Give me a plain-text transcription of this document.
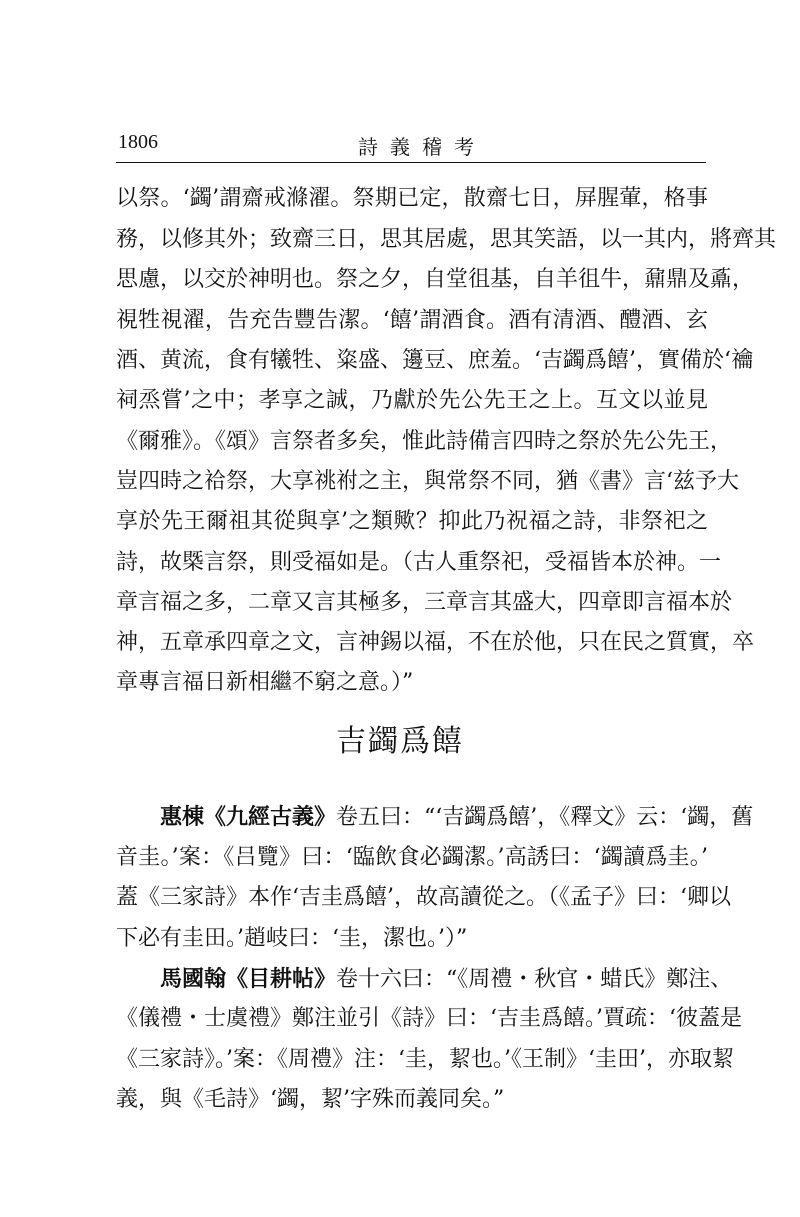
1806	詩義稽考
以祭。‘蠲’謂齋戒滌濯。祭期已定，散齋七日，屏腥葷，格事
務，以修其外；致齋三日，思其居處，思其笑語，以一其内，將齊其
思慮，以交於神明也。祭之夕，自堂徂基，自羊徂牛，鼐鼎及鼒，
視牲視濯，告充告豐告潔。‘饎’謂酒食。酒有清酒、醴酒、玄
酒、黄流，食有犧牲、粢盛、籩豆、庶羞。‘吉蠲爲饎’，實備於‘禴
祠烝嘗’之中；孝享之誠，乃獻於先公先王之上。互文以並見
《爾雅》。《頌》言祭者多矣，惟此詩備言四時之祭於先公先王，
豈四時之祫祭，大享祧祔之主，與常祭不同，猶《書》言‘兹予大
享於先王爾祖其從與享’之類歟？抑此乃祝福之詩，非祭祀之
詩，故槩言祭，則受福如是。（古人重祭祀，受福皆本於神。一
章言福之多，二章又言其極多，三章言其盛大，四章即言福本於
神，五章承四章之文，言神錫以福，不在於他，只在民之質實，卒
章專言福日新相繼不窮之意。）”
吉蠲爲饎
惠棟《九經古義》卷五曰：“‘吉蠲爲饎’，《釋文》云：‘蠲，舊
音圭。’案：《吕覽》曰：‘臨飲食必蠲潔。’高誘曰：‘蠲讀爲圭。’
蓋《三家詩》本作‘吉圭爲饎’，故高讀從之。（《孟子》曰：‘卿以
下必有圭田。’趙岐曰：‘圭，潔也。’）”
馬國翰《目耕帖》卷十六曰：“《周禮・秋官・蜡氏》鄭注、
《儀禮・士虞禮》鄭注並引《詩》曰：‘吉圭爲饎。’賈疏：‘彼蓋是
《三家詩》。’案：《周禮》注：‘圭，絜也。’《王制》‘圭田’，亦取絜
義，與《毛詩》‘蠲，絜’字殊而義同矣。”
